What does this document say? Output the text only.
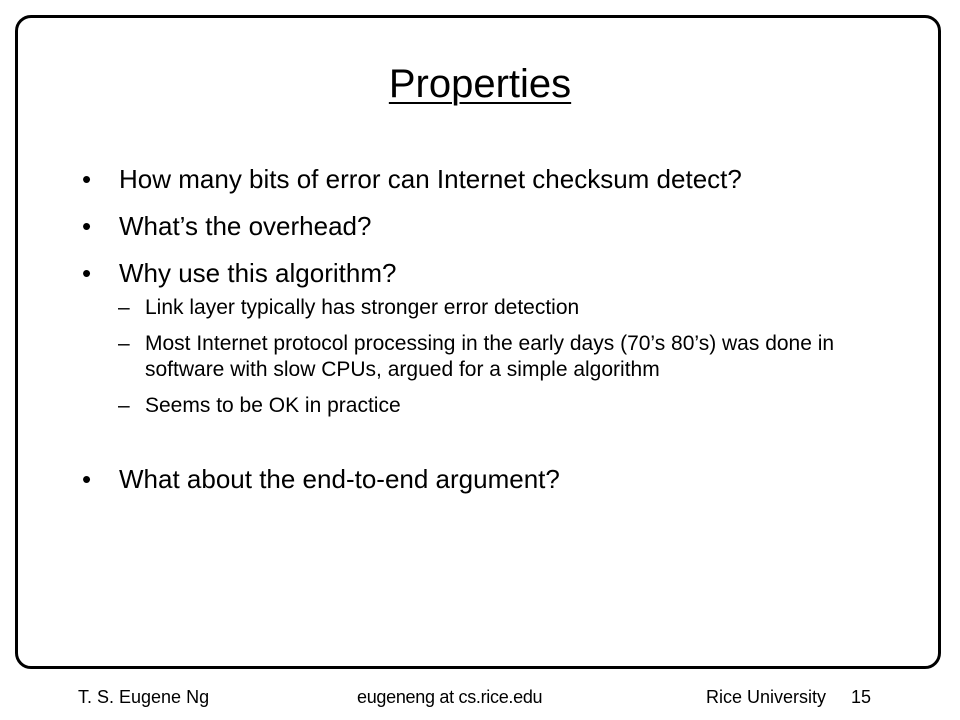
Properties
• How many bits of error can Internet checksum detect?
• What’s the overhead?
• Why use this algorithm?
– Link layer typically has stronger error detection
– Most Internet protocol processing in the early days (70’s 80’s) was done in software with slow CPUs, argued for a simple algorithm
– Seems to be OK in practice
• What about the end-to-end argument?
T. S. Eugene Ng	eugeneng at cs.rice.edu	Rice University 15
